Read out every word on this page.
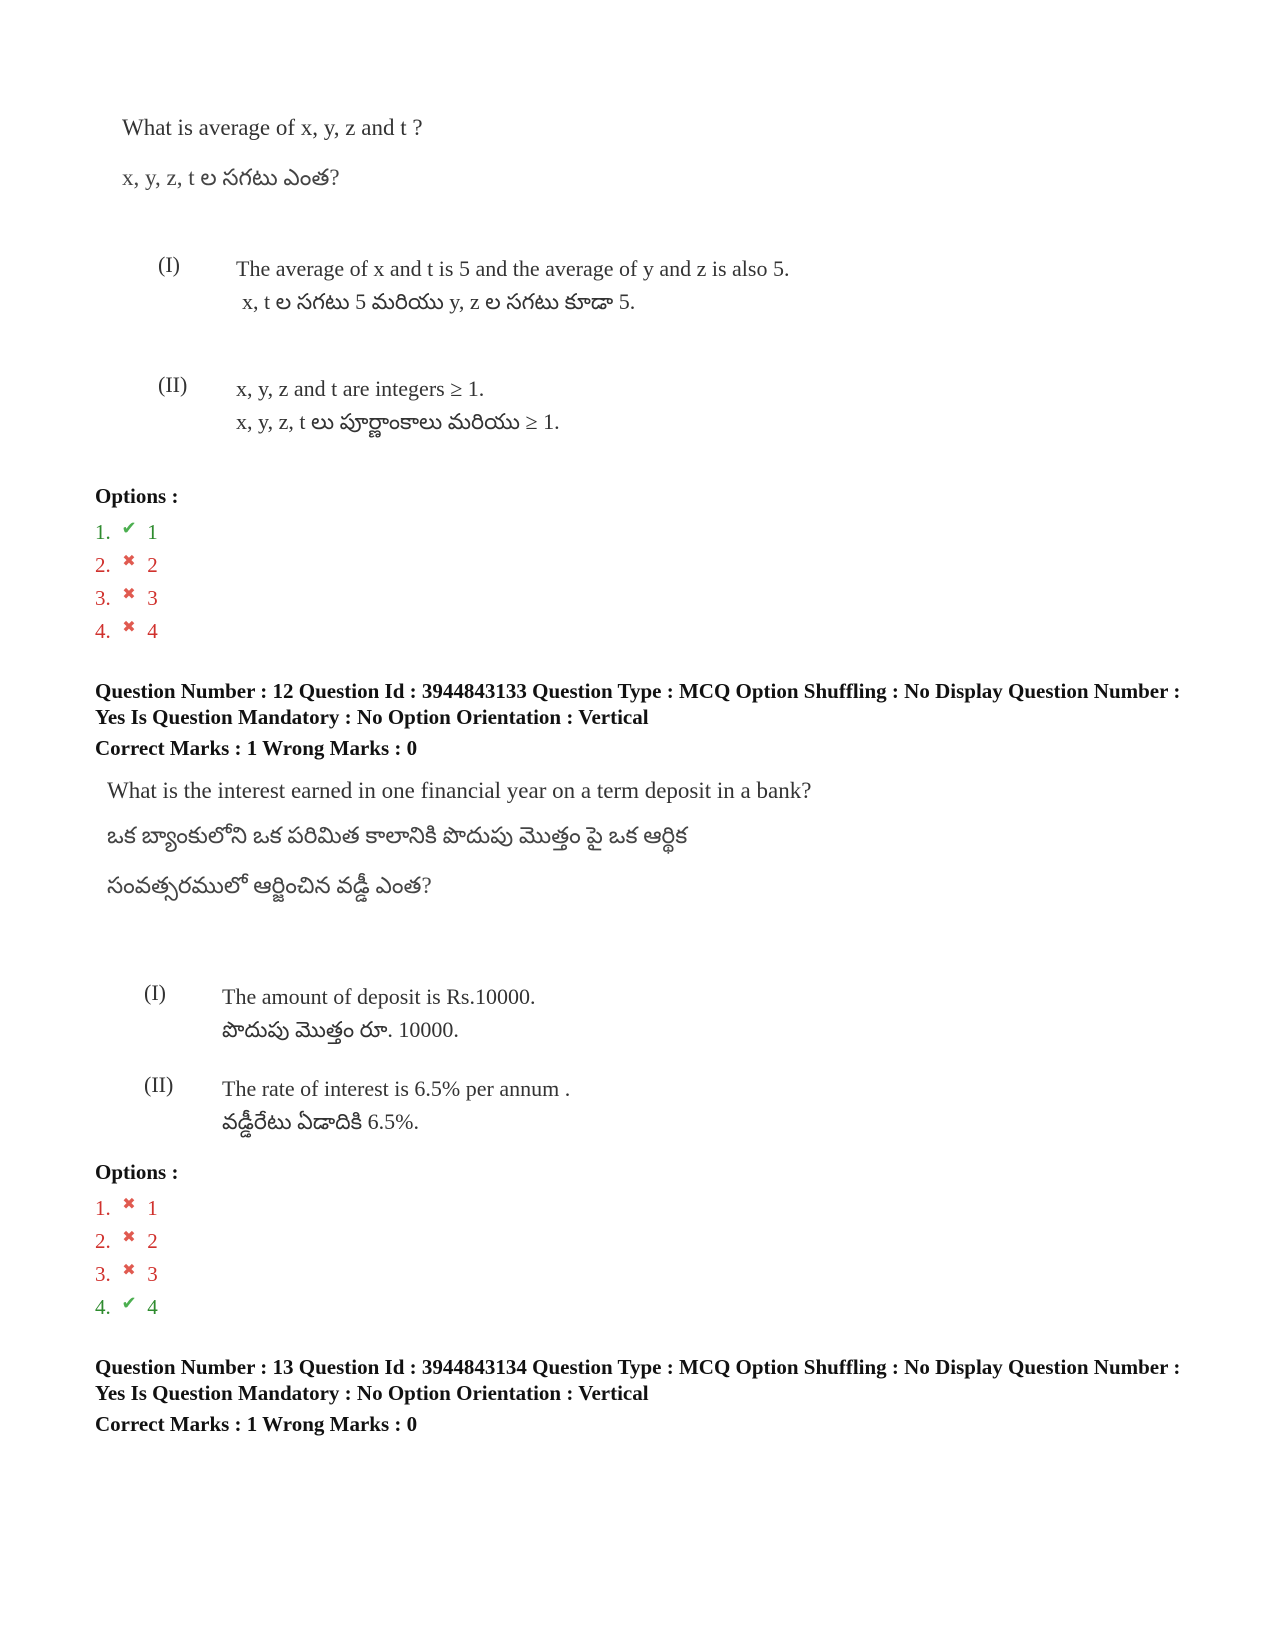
What is average of x, y, z and t ?
x, y, z, t ల సగటు ఎంత?
(I)	The average of x and t is 5 and the average of y and z is also 5.
x, t ల సగటు 5 మరియు y, z ల సగటు కూడా 5.
(II) x, y, z and t are integers ≥ 1.
x, y, z, t లు పూర్ణాంకాలు మరియు ≥ 1.
Options :
1. ✔ 1
2. ✖ 2
3. ✖ 3
4. ✖ 4
Question Number : 12 Question Id : 3944843133 Question Type : MCQ Option Shuffling : No Display Question Number : Yes Is Question Mandatory : No Option Orientation : Vertical
Correct Marks : 1 Wrong Marks : 0
What is the interest earned in one financial year on a term deposit in a bank?
ఒక బ్యాంకులోని ఒక పరిమిత కాలానికి పొదుపు మొత్తం పై ఒక ఆర్థిక
సంవత్సరములో ఆర్జించిన వడ్డీ ఎంత?
(I)	The amount of deposit is Rs.10000.
పొదుపు మొత్తం రూ. 10000.
(II) The rate of interest is 6.5% per annum .
వడ్డీరేటు ఏడాదికి 6.5%.
Options :
1. ✖ 1
2. ✖ 2
3. ✖ 3
4. ✔ 4
Question Number : 13 Question Id : 3944843134 Question Type : MCQ Option Shuffling : No Display Question Number : Yes Is Question Mandatory : No Option Orientation : Vertical
Correct Marks : 1 Wrong Marks : 0
